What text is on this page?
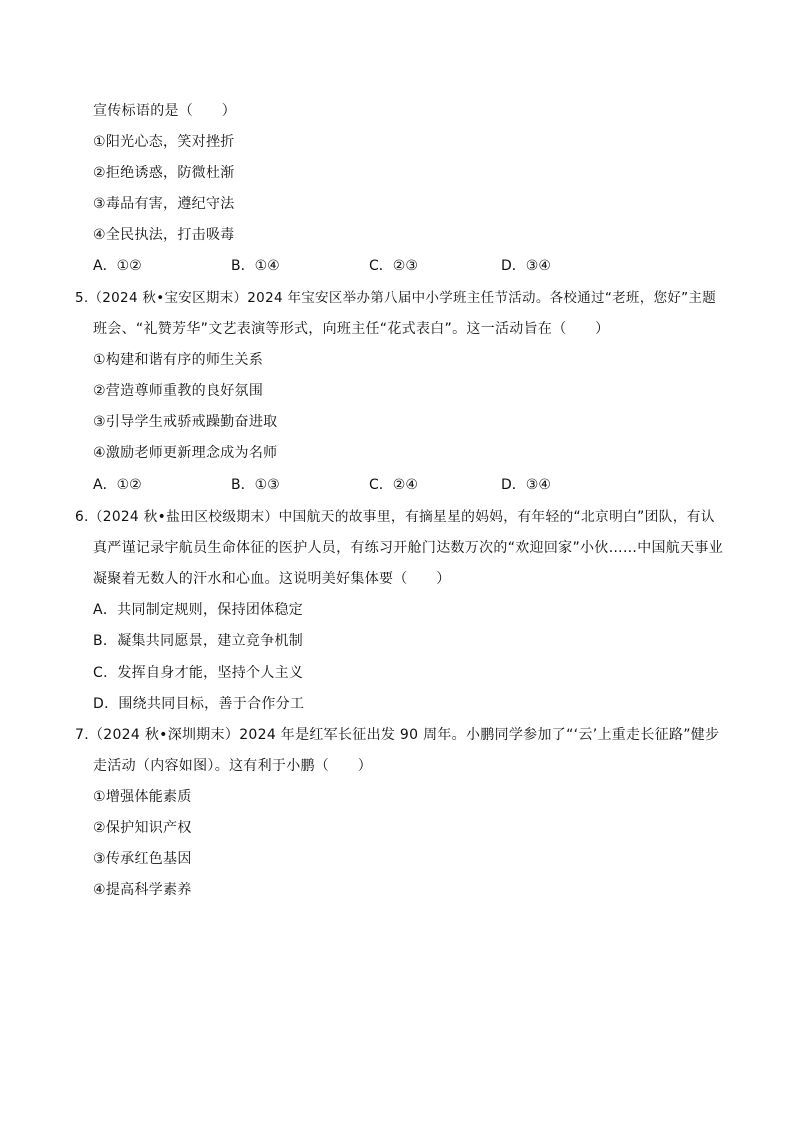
宣传标语的是（　　）
①阳光心态，笑对挫折
②拒绝诱惑，防微杜渐
③毒品有害，遵纪守法
④全民执法，打击吸毒
A．①②	B．①④	C．②③	D．③④
5.（2024 秋•宝安区期末）2024 年宝安区举办第八届中小学班主任节活动。各校通过“老班，您好”主题
班会、“礼赞芳华”文艺表演等形式，向班主任“花式表白”。这一活动旨在（　　）
①构建和谐有序的师生关系
②营造尊师重教的良好氛围
③引导学生戒骄戒躁勤奋进取
④激励老师更新理念成为名师
A．①②	B．①③	C．②④	D．③④
6.（2024 秋•盐田区校级期末）中国航天的故事里，有摘星星的妈妈，有年轻的“北京明白”团队，有认
真严谨记录宇航员生命体征的医护人员，有练习开舱门达数万次的“欢迎回家”小伙……中国航天事业
凝聚着无数人的汗水和心血。这说明美好集体要（　　）
A．共同制定规则，保持团体稳定
B．凝集共同愿景，建立竞争机制
C．发挥自身才能，坚持个人主义
D．围绕共同目标，善于合作分工
7.（2024 秋•深圳期末）2024 年是红军长征出发 90 周年。小鹏同学参加了“‘云’上重走长征路”健步
走活动（内容如图）。这有利于小鹏（　　）
①增强体能素质
②保护知识产权
③传承红色基因
④提高科学素养
